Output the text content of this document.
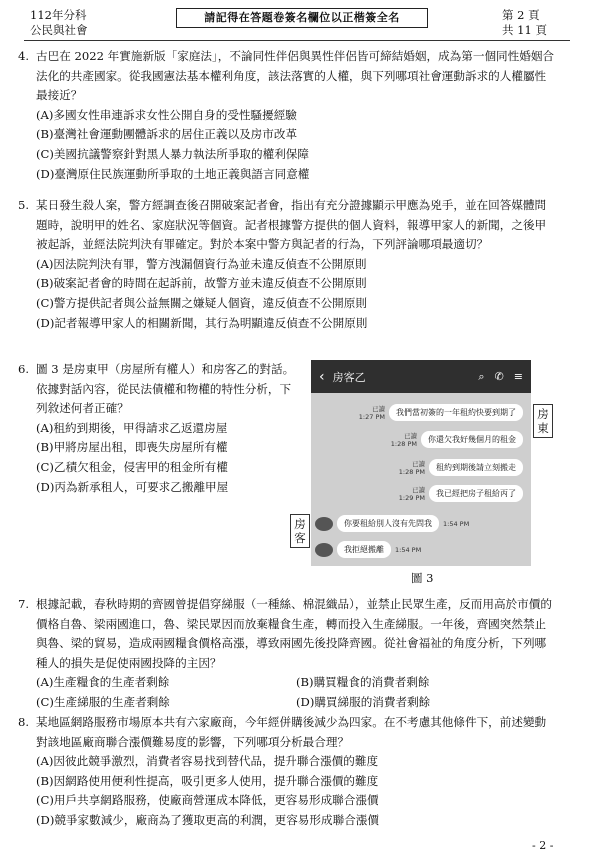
112年分科
公民與社會
請記得在答題卷簽名欄位以正楷簽全名	第 2 頁
共 11 頁
4. 古巴在 2022 年實施新版「家庭法」，不論同性伴侶與異性伴侶皆可締結婚姻，成為第一個同性婚姻合法化的共產國家。從我國憲法基本權利角度，該法落實的人權，與下列哪項社會運動訴求的人權屬性最接近？

(A)多國女性串連訴求女性公開自身的受性騷擾經驗

(B)臺灣社會運動團體訴求的居住正義以及房市改革

(C)美國抗議警察針對黑人暴力執法所爭取的權利保障

(D)臺灣原住民族運動所爭取的土地正義與語言同意權

5. 某日發生殺人案，警方經調查後召開破案記者會，指出有充分證據顯示甲應為兇手，並在回答媒體問題時，說明甲的姓名、家庭狀況等個資。記者根據警方提供的個人資料，報導甲家人的新聞，之後甲被起訴，並經法院判決有罪確定。對於本案中警方與記者的行為，下列評論哪項最適切？

(A)因法院判決有罪，警方洩漏個資行為並未違反偵查不公開原則

(B)破案記者會的時間在起訴前，故警方並未違反偵查不公開原則

(C)警方提供記者與公益無關之嫌疑人個資，違反偵查不公開原則

(D)記者報導甲家人的相關新聞，其行為明顯違反偵查不公開原則

6. 圖 3 是房東甲（房屋所有權人）和房客乙的對話。依據對話內容，從民法債權和物權的特性分析，下列敘述何者正確？

(A)租約到期後，甲得請求乙返還房屋

(B)甲將房屋出租，即喪失房屋所有權

(C)乙積欠租金，侵害甲的租金所有權

(D)丙為新承租人，可要求乙搬離甲屋

‹ 房客乙	⌕ ✆ ≡
已讀
1:27 PM	我們當初簽的一年租約快要到期了
已讀
1:28 PM	你還欠我好幾個月的租金
已讀
1:28 PM	租約到期後請立刻搬走
已讀
1:29 PM	我已經把房子租給丙了
你要租給別人沒有先問我	1:54 PM
我拒絕搬離	1:54 PM
房東
房客
圖 3
7. 根據記載，春秋時期的齊國曾提倡穿綈服（一種絲、棉混織品），並禁止民眾生產，反而用高於市價的價格自魯、梁兩國進口，魯、梁民眾因而放棄糧食生產，轉而投入生產綈服。一年後，齊國突然禁止與魯、梁的貿易，造成兩國糧食價格高漲，導致兩國先後投降齊國。從社會福祉的角度分析，下列哪種人的損失是促使兩國投降的主因？

(A)生產糧食的生產者剩餘	(B)購買糧食的消費者剩餘

(C)生產綈服的生產者剩餘	(D)購買綈服的消費者剩餘

8. 某地區網路服務市場原本共有六家廠商，今年經併購後減少為四家。在不考慮其他條件下，前述變動對該地區廠商聯合漲價難易度的影響，下列哪項分析最合理？

(A)因彼此競爭激烈，消費者容易找到替代品，提升聯合漲價的難度

(B)因網路使用便利性提高，吸引更多人使用，提升聯合漲價的難度

(C)用戶共享網路服務，使廠商營運成本降低，更容易形成聯合漲價

(D)競爭家數減少，廠商為了獲取更高的利潤，更容易形成聯合漲價

- 2 -
